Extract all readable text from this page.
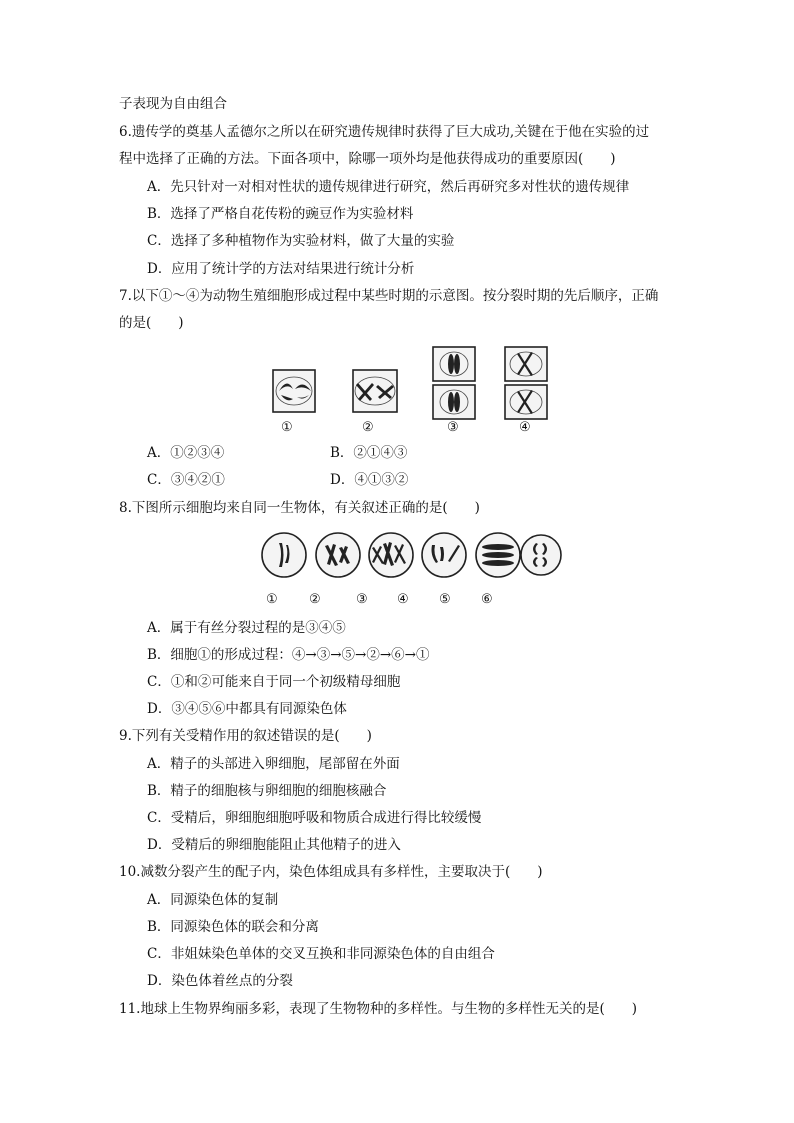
子表现为自由组合
6.遗传学的奠基人孟德尔之所以在研究遗传规律时获得了巨大成功,关键在于他在实验的过
程中选择了正确的方法。下面各项中，除哪一项外均是他获得成功的重要原因(　　)
A．先只针对一对相对性状的遗传规律进行研究，然后再研究多对性状的遗传规律
B．选择了严格自花传粉的豌豆作为实验材料
C．选择了多种植物作为实验材料，做了大量的实验
D．应用了统计学的方法对结果进行统计分析
7.以下①～④为动物生殖细胞形成过程中某些时期的示意图。按分裂时期的先后顺序，正确
的是(　　)
①	②	③	④
A．①②③④	B．②①④③
C．③④②①	D．④①③②
8.下图所示细胞均来自同一生物体，有关叙述正确的是(　　)
① ②	③ ④ ⑤ ⑥
A．属于有丝分裂过程的是③④⑤
B．细胞①的形成过程：④→③→⑤→②→⑥→①
C．①和②可能来自于同一个初级精母细胞
D．③④⑤⑥中都具有同源染色体
9.下列有关受精作用的叙述错误的是(　　)
A．精子的头部进入卵细胞，尾部留在外面
B．精子的细胞核与卵细胞的细胞核融合
C．受精后，卵细胞细胞呼吸和物质合成进行得比较缓慢
D．受精后的卵细胞能阻止其他精子的进入
10.减数分裂产生的配子内，染色体组成具有多样性，主要取决于(　　)
A．同源染色体的复制
B．同源染色体的联会和分离
C．非姐妹染色单体的交叉互换和非同源染色体的自由组合
D．染色体着丝点的分裂
11.地球上生物界绚丽多彩，表现了生物物种的多样性。与生物的多样性无关的是(　　)
